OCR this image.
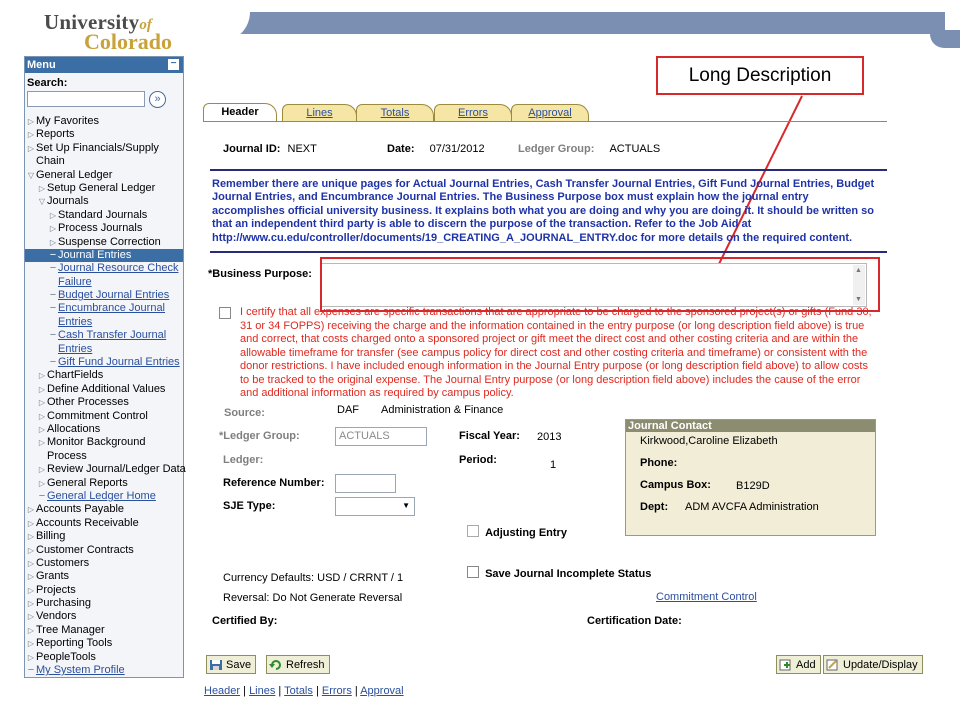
Universityof
Colorado
Menu	−
Search:
»
▷ My Favorites
▷ Reports
▷ Set Up Financials/Supply
Chain
▽ General Ledger
▷ Setup General Ledger
▽ Journals
▷ Standard Journals
▷ Process Journals
▷ Suspense Correction
− Journal Entries
− Journal Resource Check
Failure
− Budget Journal Entries
− Encumbrance Journal
Entries
− Cash Transfer Journal
Entries
− Gift Fund Journal Entries
▷ ChartFields
▷ Define Additional Values
▷ Other Processes
▷ Commitment Control
▷ Allocations
▷ Monitor Background
Process
▷ Review Journal/Ledger Data
▷ General Reports
− General Ledger Home
▷ Accounts Payable
▷ Accounts Receivable
▷ Billing
▷ Customer Contracts
▷ Customers
▷ Grants
▷ Projects
▷ Purchasing
▷ Vendors
▷ Tree Manager
▷ Reporting Tools
▷ PeopleTools
− My System Profile
Long Description
Header	Lines	Totals	Errors	Approval
Journal ID: NEXT	Date: 07/31/2012	Ledger Group: ACTUALS
Remember there are unique pages for Actual Journal Entries, Cash Transfer Journal Entries, Gift Fund Journal Entries, Budget Journal Entries, and Encumbrance Journal Entries. The Business Purpose box must explain how the journal entry accomplishes official university business. It explains both what you are doing and why you are doing it. It should be written so that an independent third party is able to discern the purpose of the transaction. Refer to the Job Aid at http://www.cu.edu/controller/documents/19_CREATING_A_JOURNAL_ENTRY.doc for more details on the required content.
*Business Purpose:	▲
▼
I certify that all expenses are specific transactions that are appropriate to be charged to the sponsored project(s) or gifts (Fund 30, 31 or 34 FOPPS) receiving the charge and the information contained in the entry purpose (or long description field above) is true and correct, that costs charged onto a sponsored project or gift meet the direct cost and other costing criteria and are within the allowable timeframe for transfer (see campus policy for direct cost and other costing criteria and timeframe) or consistent with the donor restrictions. I have included enough information in the Journal Entry purpose (or long description field above) to allow costs to be tracked to the original expense. The Journal Entry purpose (or long description field above) includes the cause of the error and additional information as required by campus policy.
Source:	DAF Administration & Finance
*Ledger Group:	ACTUALS	Fiscal Year: 2013
Ledger:	Period:	1
Reference Number:
SJE Type:	▼
Journal Contact
Kirkwood,Caroline Elizabeth
Phone:
Campus Box: B129D
Dept: ADM AVCFA Administration
Adjusting Entry
Save Journal Incomplete Status
Currency Defaults: USD / CRRNT / 1
Reversal: Do Not Generate Reversal	Commitment Control
Certified By:	Certification Date:
Save	Refresh	Add	Update/Display
Header | Lines | Totals | Errors | Approval
